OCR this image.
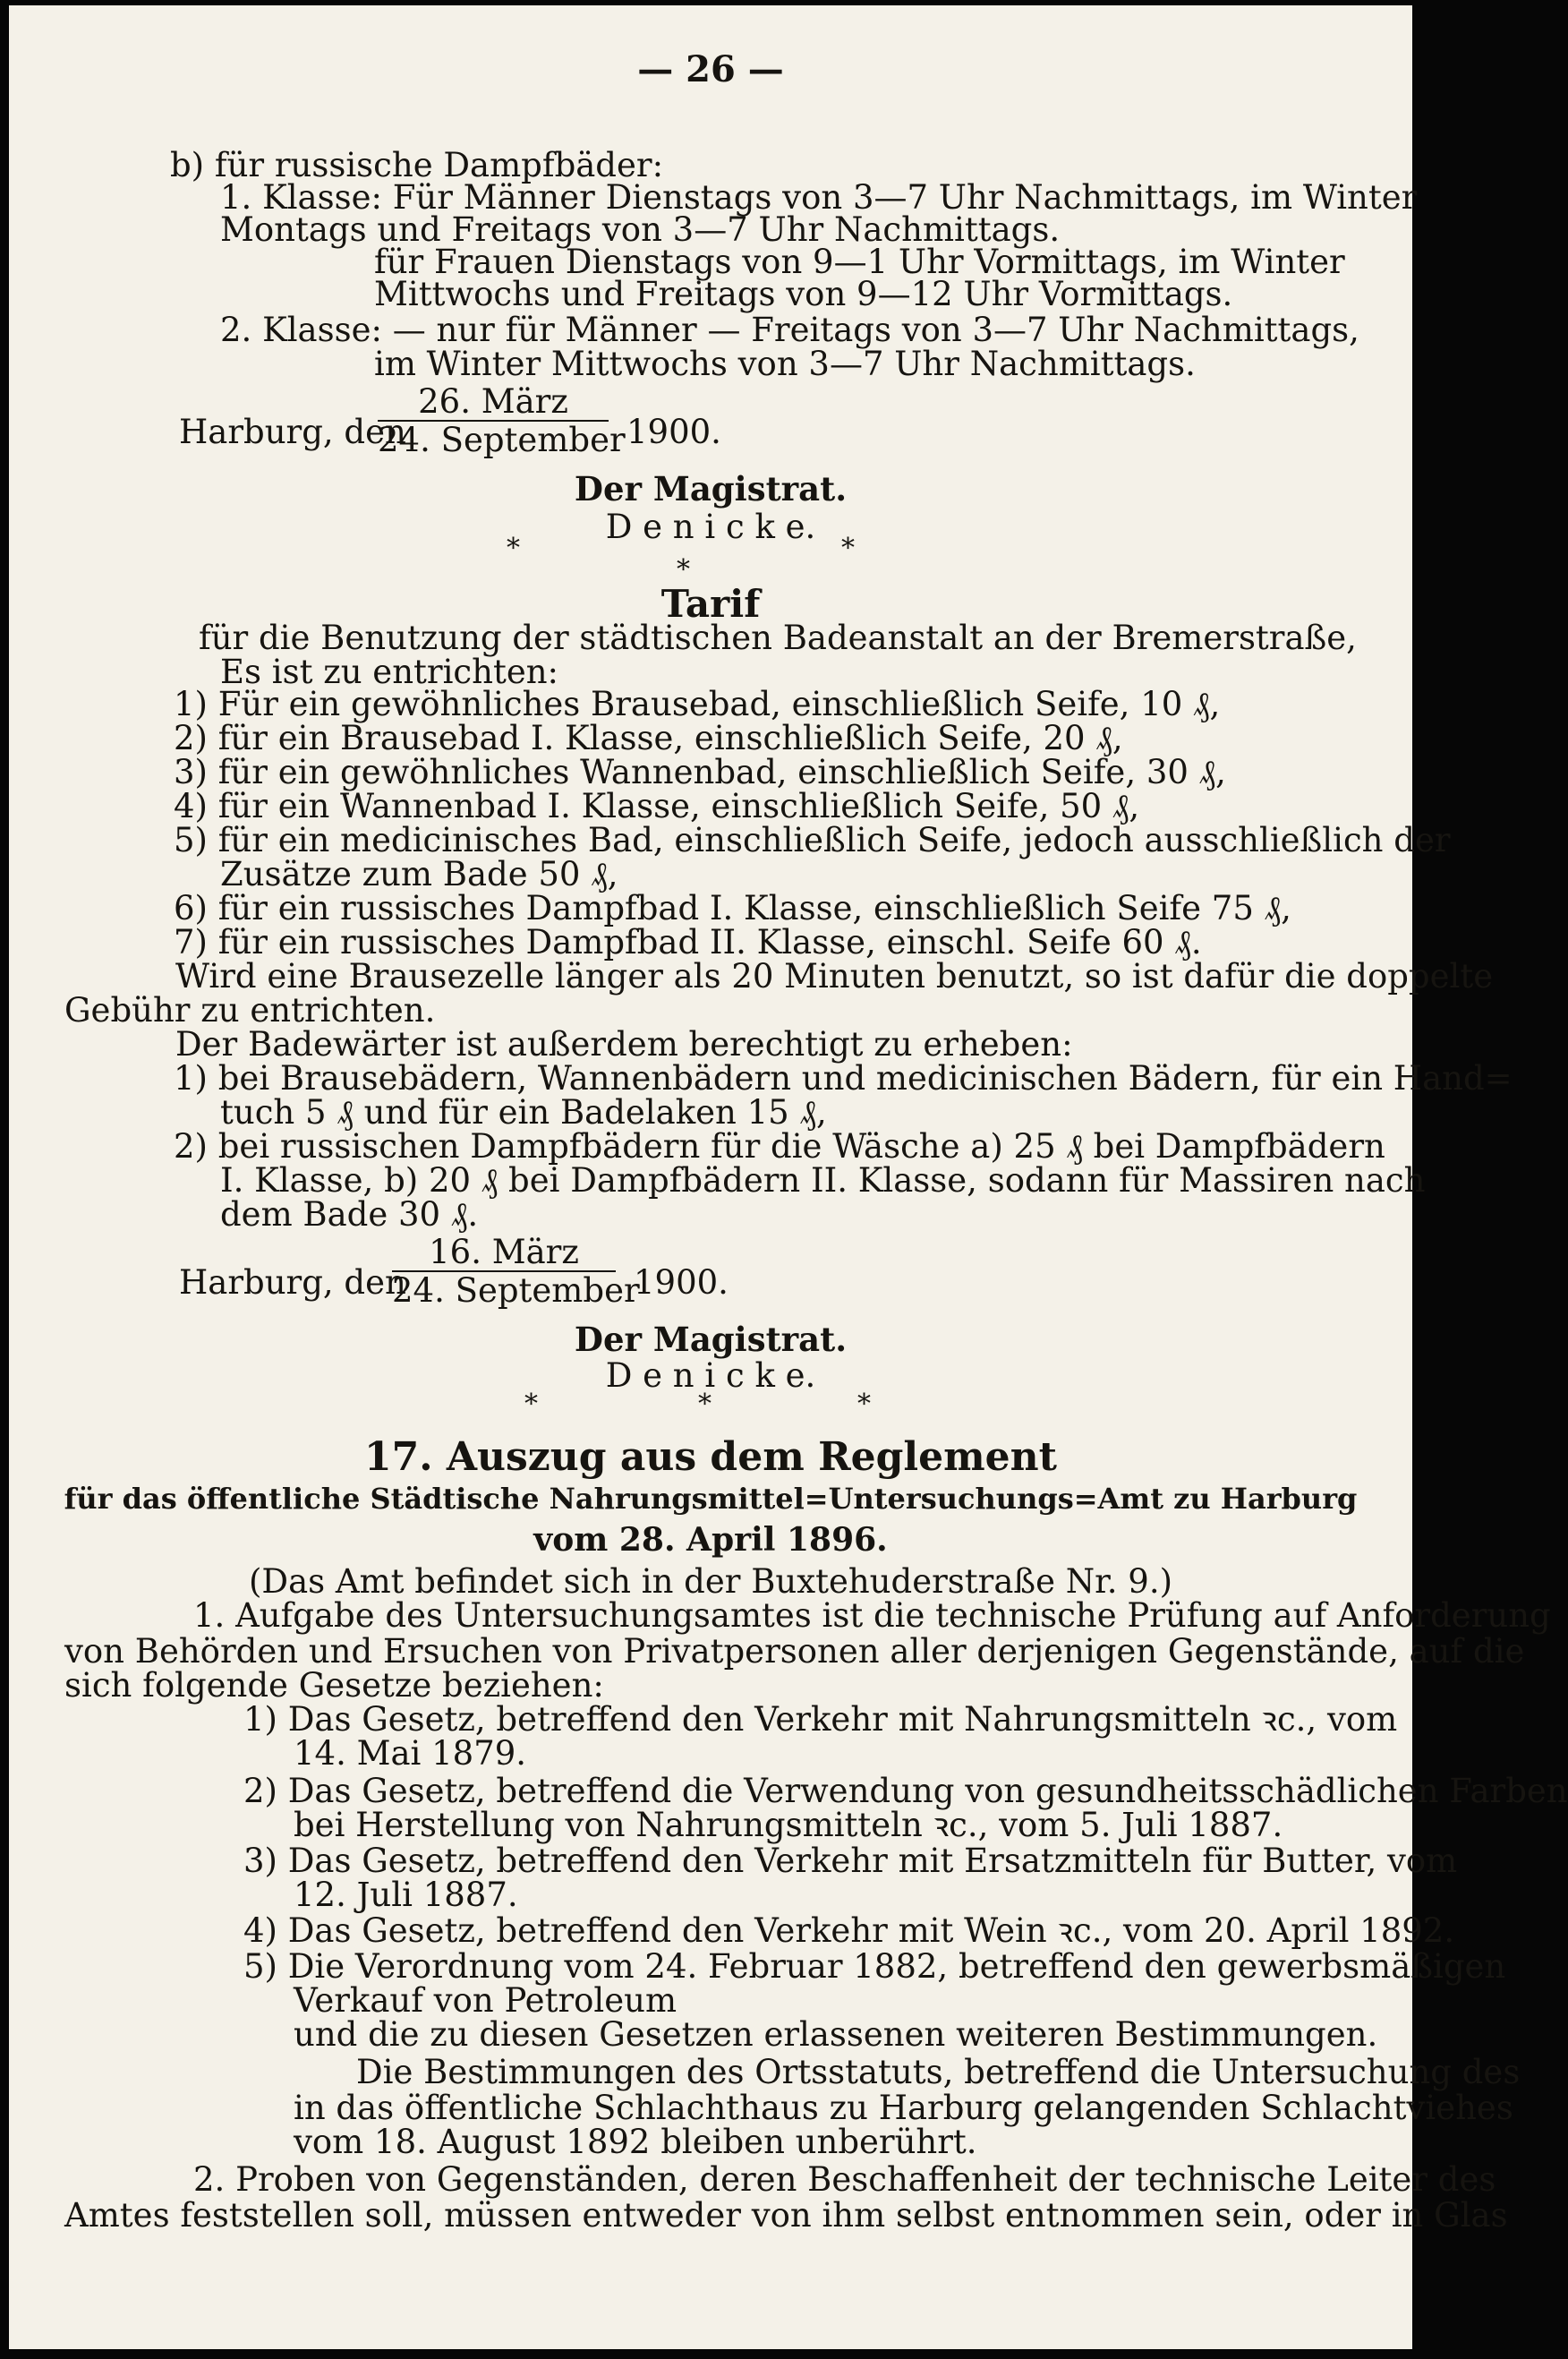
— 26 —
b) für russische Dampfbäder:
1. Klasse: Für Männer Dienstags von 3—7 Uhr Nachmittags, im Winter
Montags und Freitags von 3—7 Uhr Nachmittags.
für Frauen Dienstags von 9—1 Uhr Vormittags, im Winter
Mittwochs und Freitags von 9—12 Uhr Vormittags.
2. Klasse: — nur für Männer — Freitags von 3—7 Uhr Nachmittags,
im Winter Mittwochs von 3—7 Uhr Nachmittags.
Harburg, den
26. März
24. September 1900.
Der Magistrat.
D e n i c k e.
*	*
*
Tarif
für die Benutzung der städtischen Badeanstalt an der Bremerstraße,
Es ist zu entrichten:
1) Für ein gewöhnliches Brausebad, einschließlich Seife, 10 ₰,
2) für ein Brausebad I. Klasse, einschließlich Seife, 20 ₰,
3) für ein gewöhnliches Wannenbad, einschließlich Seife, 30 ₰,
4) für ein Wannenbad I. Klasse, einschließlich Seife, 50 ₰,
5) für ein medicinisches Bad, einschließlich Seife, jedoch ausschließlich der
Zusätze zum Bade 50 ₰,
6) für ein russisches Dampfbad I. Klasse, einschließlich Seife 75 ₰,
7) für ein russisches Dampfbad II. Klasse, einschl. Seife 60 ₰.
Wird eine Brausezelle länger als 20 Minuten benutzt, so ist dafür die doppelte
Gebühr zu entrichten.
Der Badewärter ist außerdem berechtigt zu erheben:
1) bei Brausebädern, Wannenbädern und medicinischen Bädern, für ein Hand=
tuch 5 ₰ und für ein Badelaken 15 ₰,
2) bei russischen Dampfbädern für die Wäsche a) 25 ₰ bei Dampfbädern
I. Klasse, b) 20 ₰ bei Dampfbädern II. Klasse, sodann für Massiren nach
dem Bade 30 ₰.
Harburg, den
16. März
24. September
1900.
Der Magistrat.
D e n i c k e.
*	*	*
17. Auszug aus dem Reglement
für das öffentliche Städtische Nahrungsmittel=Untersuchungs=Amt zu Harburg
vom 28. April 1896.
(Das Amt befindet sich in der Buxtehuderstraße Nr. 9.)
1. Aufgabe des Untersuchungsamtes ist die technische Prüfung auf Anforderung
von Behörden und Ersuchen von Privatpersonen aller derjenigen Gegenstände, auf die
sich folgende Gesetze beziehen:
1) Das Gesetz, betreffend den Verkehr mit Nahrungsmitteln ꝛc., vom
14. Mai 1879.
2) Das Gesetz, betreffend die Verwendung von gesundheitsschädlichen Farben
bei Herstellung von Nahrungsmitteln ꝛc., vom 5. Juli 1887.
3) Das Gesetz, betreffend den Verkehr mit Ersatzmitteln für Butter, vom
12. Juli 1887.
4) Das Gesetz, betreffend den Verkehr mit Wein ꝛc., vom 20. April 1892.
5) Die Verordnung vom 24. Februar 1882, betreffend den gewerbsmäßigen
Verkauf von Petroleum
und die zu diesen Gesetzen erlassenen weiteren Bestimmungen.
Die Bestimmungen des Ortsstatuts, betreffend die Untersuchung des
in das öffentliche Schlachthaus zu Harburg gelangenden Schlachtviehes
vom 18. August 1892 bleiben unberührt.
2. Proben von Gegenständen, deren Beschaffenheit der technische Leiter des
Amtes feststellen soll, müssen entweder von ihm selbst entnommen sein, oder in Glas
